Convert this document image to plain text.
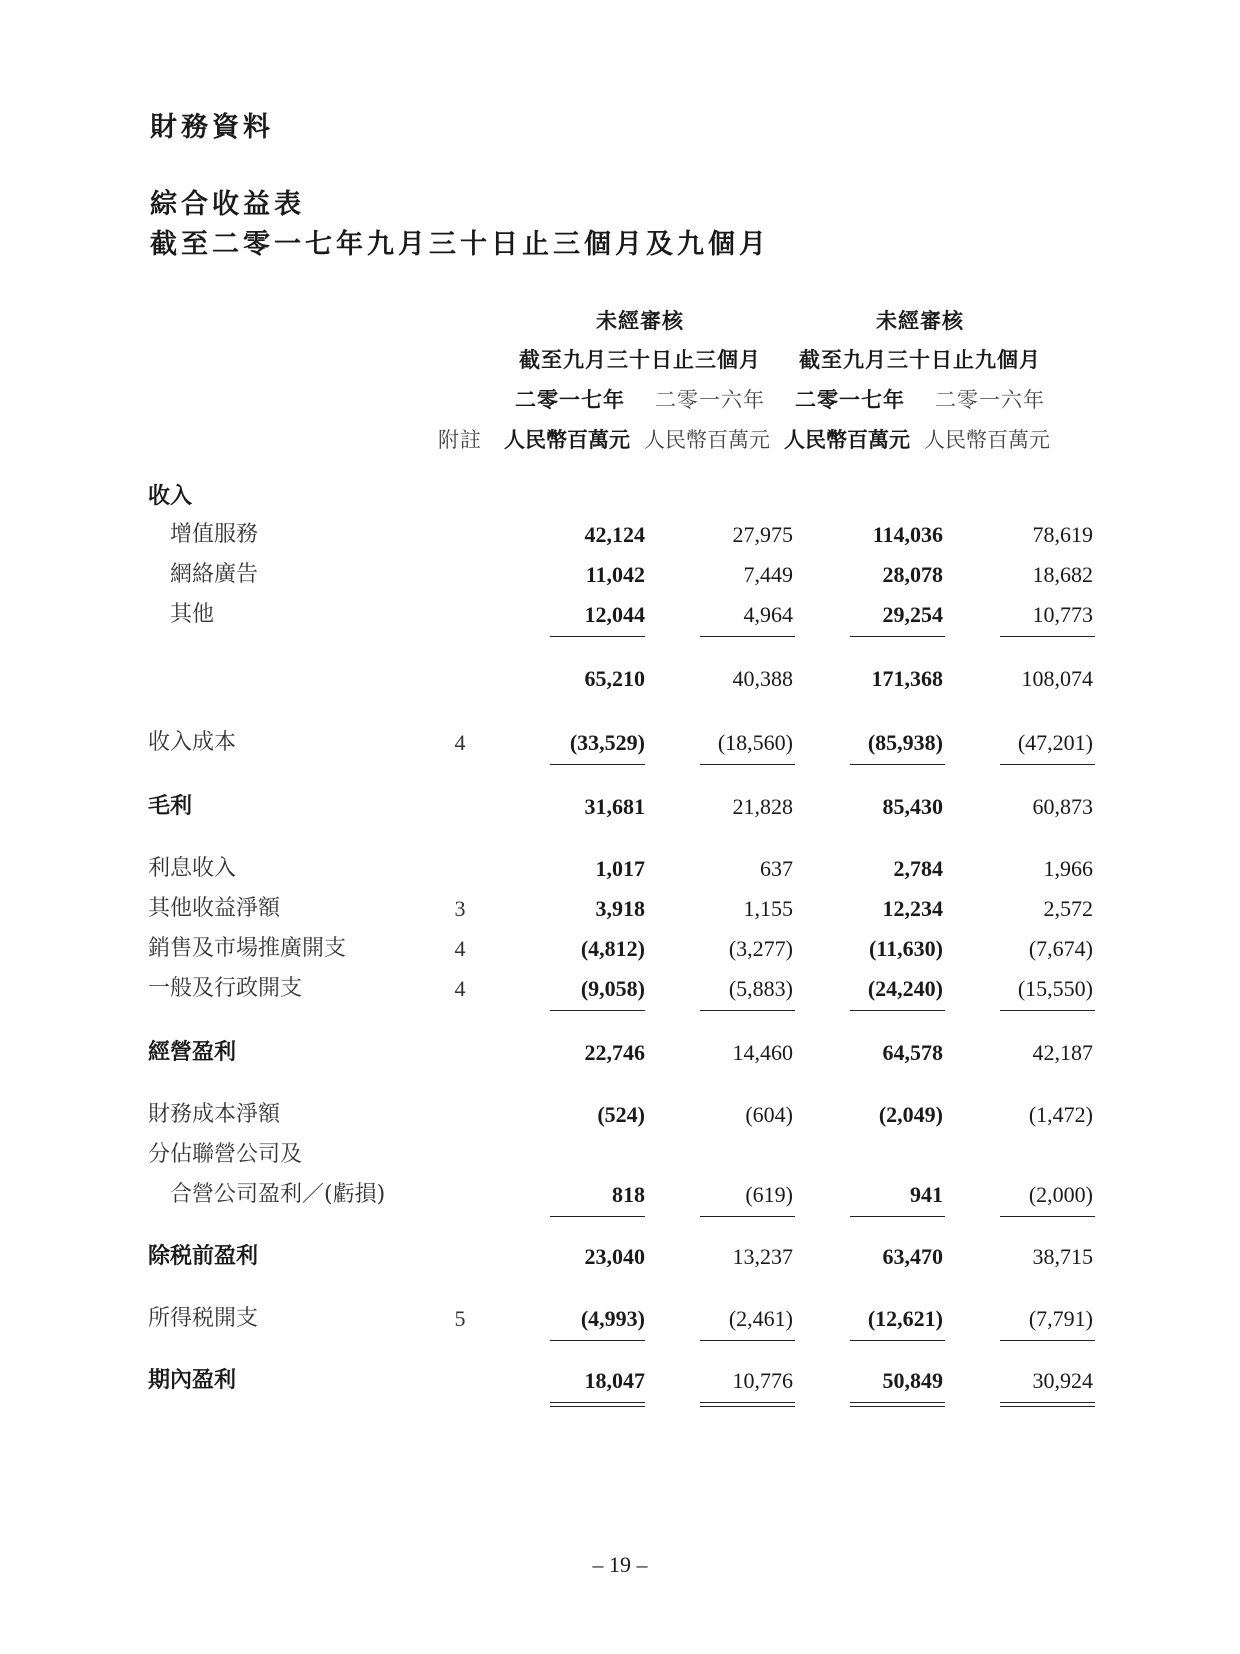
財務資料
綜合收益表
截至二零一七年九月三十日止三個月及九個月
未經審核	未經審核
截至九月三十日止三個月	截至九月三十日止九個月
二零一七年	二零一六年	二零一七年	二零一六年
附註	人民幣百萬元 人民幣百萬元 人民幣百萬元 人民幣百萬元
收入
增值服務	42,124	27,975	114,036	78,619
網絡廣告	11,042	7,449	28,078	18,682
其他	12,044	4,964	29,254	10,773
65,210	40,388	171,368	108,074
收入成本	4	(33,529)	(18,560)	(85,938)	(47,201)
毛利	31,681	21,828	85,430	60,873
利息收入	1,017	637	2,784	1,966
其他收益淨額	3	3,918	1,155	12,234	2,572
銷售及市場推廣開支	4	(4,812)	(3,277)	(11,630)	(7,674)
一般及行政開支	4	(9,058)	(5,883)	(24,240)	(15,550)
經營盈利	22,746	14,460	64,578	42,187
財務成本淨額	(524)	(604)	(2,049)	(1,472)
分佔聯營公司及
合營公司盈利／(虧損)	818	(619)	941	(2,000)
除税前盈利	23,040	13,237	63,470	38,715
所得税開支	5	(4,993)	(2,461)	(12,621)	(7,791)
期內盈利	18,047	10,776	50,849	30,924
– 19 –
